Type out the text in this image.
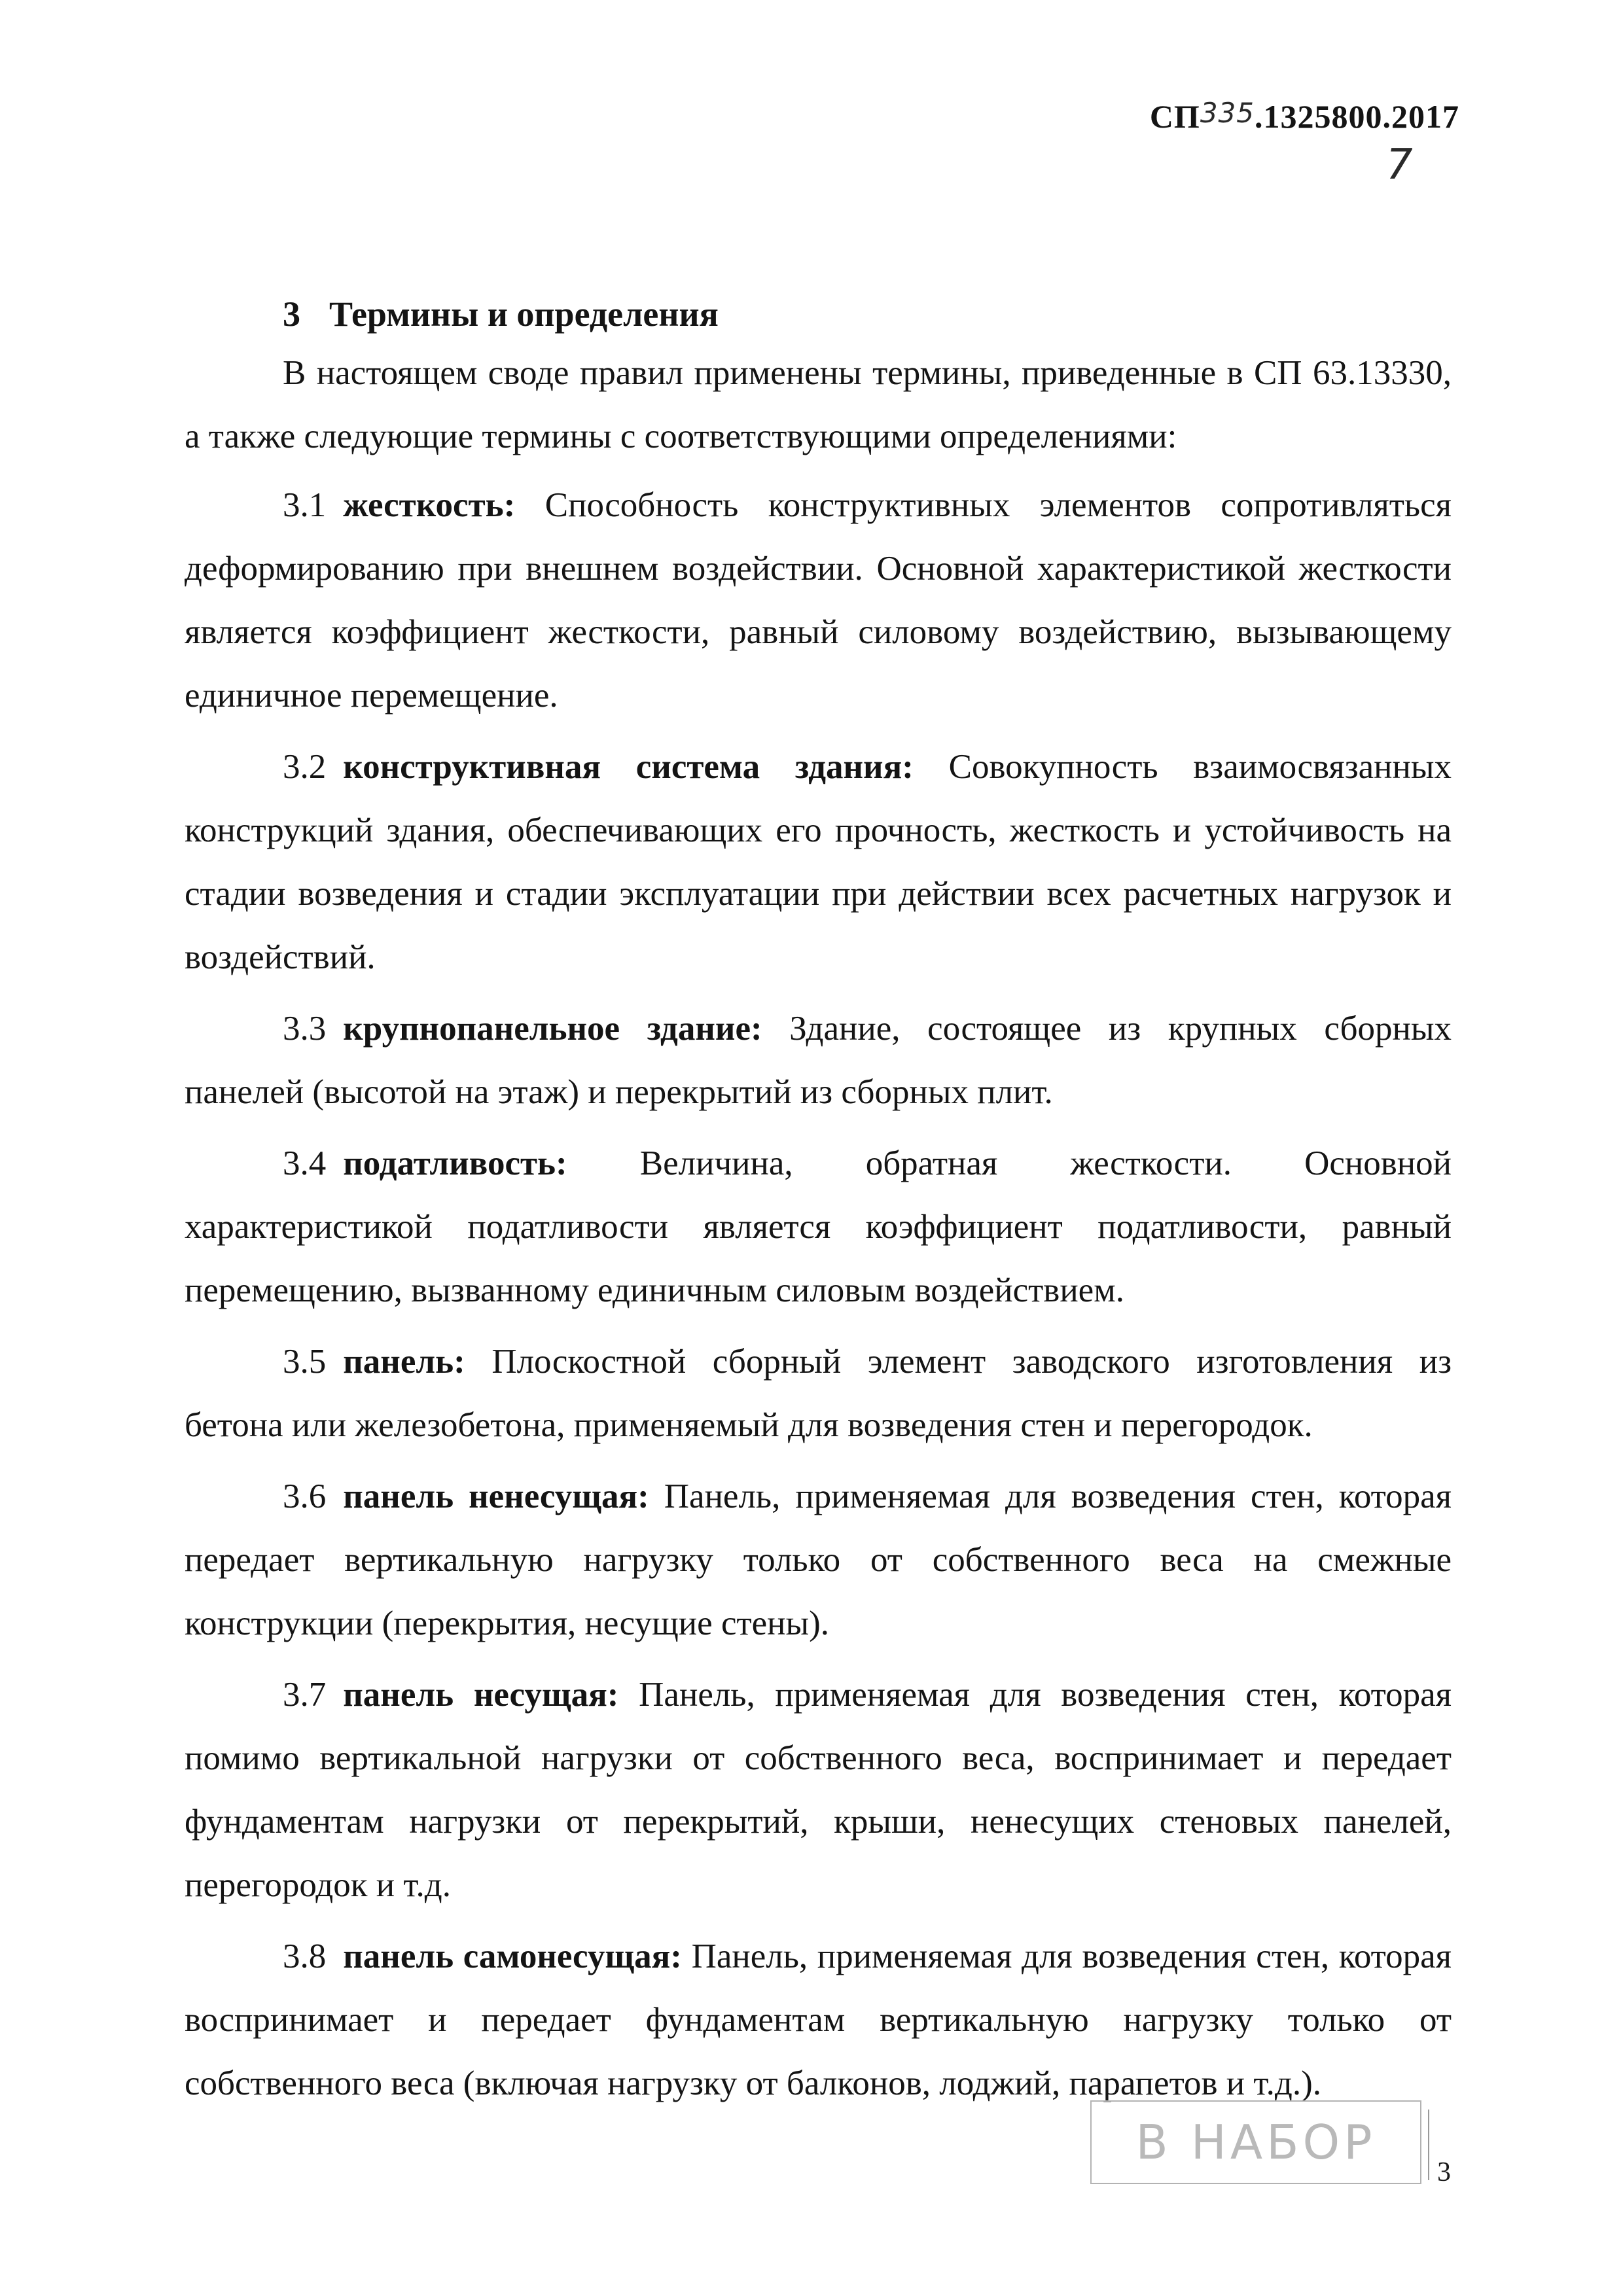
СП335.1325800.2017
7
3 Термины и определения

В настоящем своде правил применены термины, приведенные в СП 63.13330, а также следующие термины с соответствующими определениями:

3.1 жесткость: Способность конструктивных элементов сопротивляться деформированию при внешнем воздействии. Основной характеристикой жесткости является коэффициент жесткости, равный силовому воздействию, вызывающему единичное перемещение.

3.2 конструктивная система здания: Совокупность взаимосвязанных конструкций здания, обеспечивающих его прочность, жесткость и устойчивость на стадии возведения и стадии эксплуатации при действии всех расчетных нагрузок и воздействий.

3.3 крупнопанельное здание: Здание, состоящее из крупных сборных панелей (высотой на этаж) и перекрытий из сборных плит.

3.4 податливость: Величина, обратная жесткости. Основной характеристикой податливости является коэффициент податливости, равный перемещению, вызванному единичным силовым воздействием.

3.5 панель: Плоскостной сборный элемент заводского изготовления из бетона или железобетона, применяемый для возведения стен и перегородок.

3.6 панель ненесущая: Панель, применяемая для возведения стен, которая передает вертикальную нагрузку только от собственного веса на смежные конструкции (перекрытия, несущие стены).

3.7 панель несущая: Панель, применяемая для возведения стен, которая помимо вертикальной нагрузки от собственного веса, воспринимает и передает фундаментам нагрузки от перекрытий, крыши, ненесущих стеновых панелей, перегородок и т.д.

3.8 панель самонесущая: Панель, применяемая для возведения стен, которая воспринимает и передает фундаментам вертикальную нагрузку только от собственного веса (включая нагрузку от балконов, лоджий, парапетов и т.д.).

В НАБОР
3
